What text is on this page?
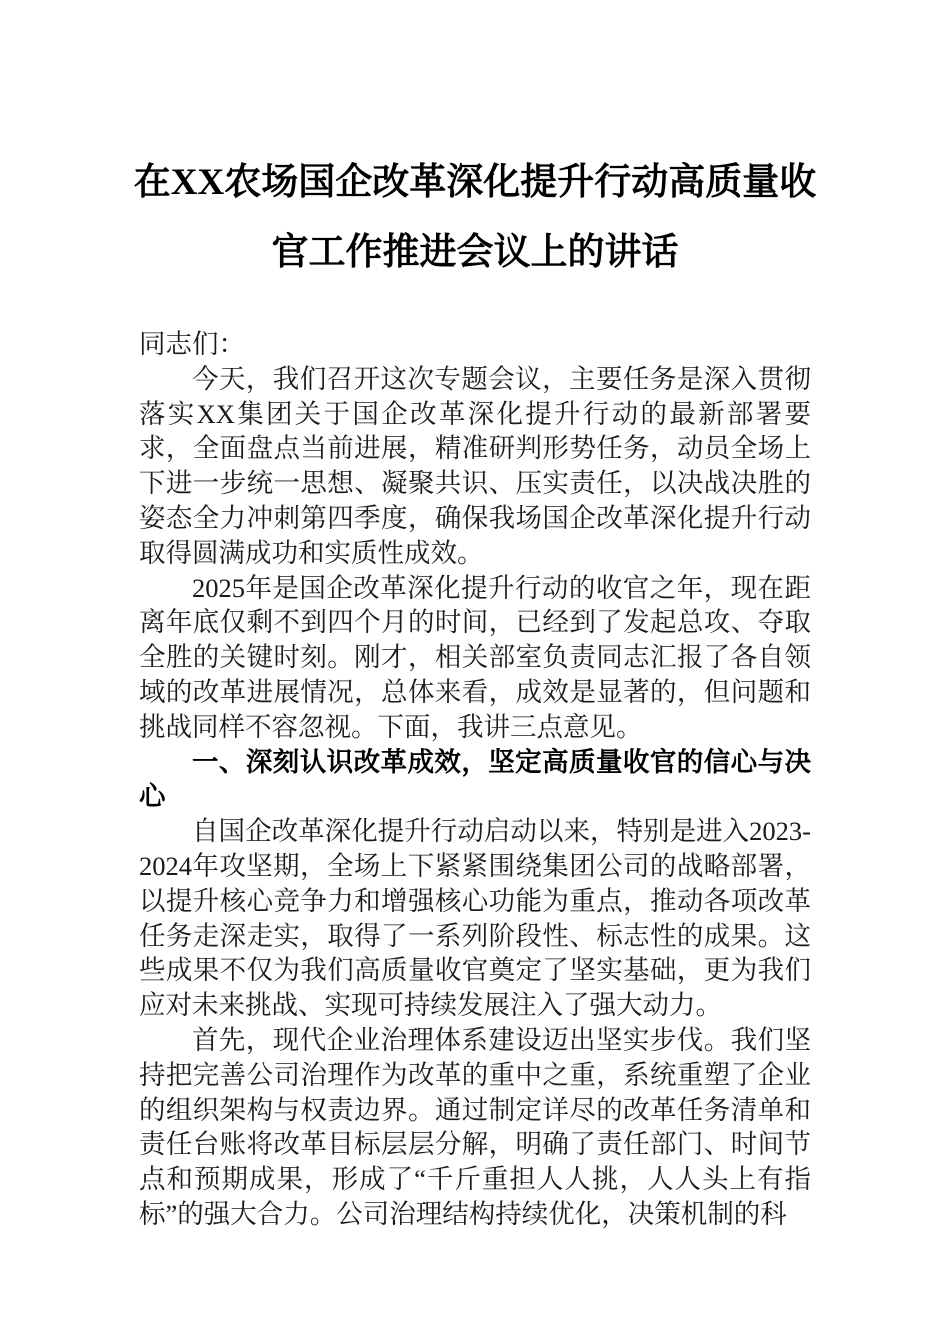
在XX农场国企改革深化提升行动高质量收官工作推进会议上的讲话

同志们：

今天，我们召开这次专题会议，主要任务是深入贯彻落实XX集团关于国企改革深化提升行动的最新部署要求，全面盘点当前进展，精准研判形势任务，动员全场上下进一步统一思想、凝聚共识、压实责任，以决战决胜的姿态全力冲刺第四季度，确保我场国企改革深化提升行动取得圆满成功和实质性成效。

2025年是国企改革深化提升行动的收官之年，现在距离年底仅剩不到四个月的时间，已经到了发起总攻、夺取全胜的关键时刻。刚才，相关部室负责同志汇报了各自领域的改革进展情况，总体来看，成效是显著的，但问题和挑战同样不容忽视。下面，我讲三点意见。

一、深刻认识改革成效，坚定高质量收官的信心与决心

自国企改革深化提升行动启动以来，特别是进入2023-2024年攻坚期，全场上下紧紧围绕集团公司的战略部署，以提升核心竞争力和增强核心功能为重点，推动各项改革任务走深走实，取得了一系列阶段性、标志性的成果。这些成果不仅为我们高质量收官奠定了坚实基础，更为我们应对未来挑战、实现可持续发展注入了强大动力。

首先，现代企业治理体系建设迈出坚实步伐。我们坚持把完善公司治理作为改革的重中之重，系统重塑了企业的组织架构与权责边界。通过制定详尽的改革任务清单和责任台账将改革目标层层分解，明确了责任部门、时间节点和预期成果，形成了“千斤重担人人挑，人人头上有指标”的强大合力。公司治理结构持续优化，决策机制的科
